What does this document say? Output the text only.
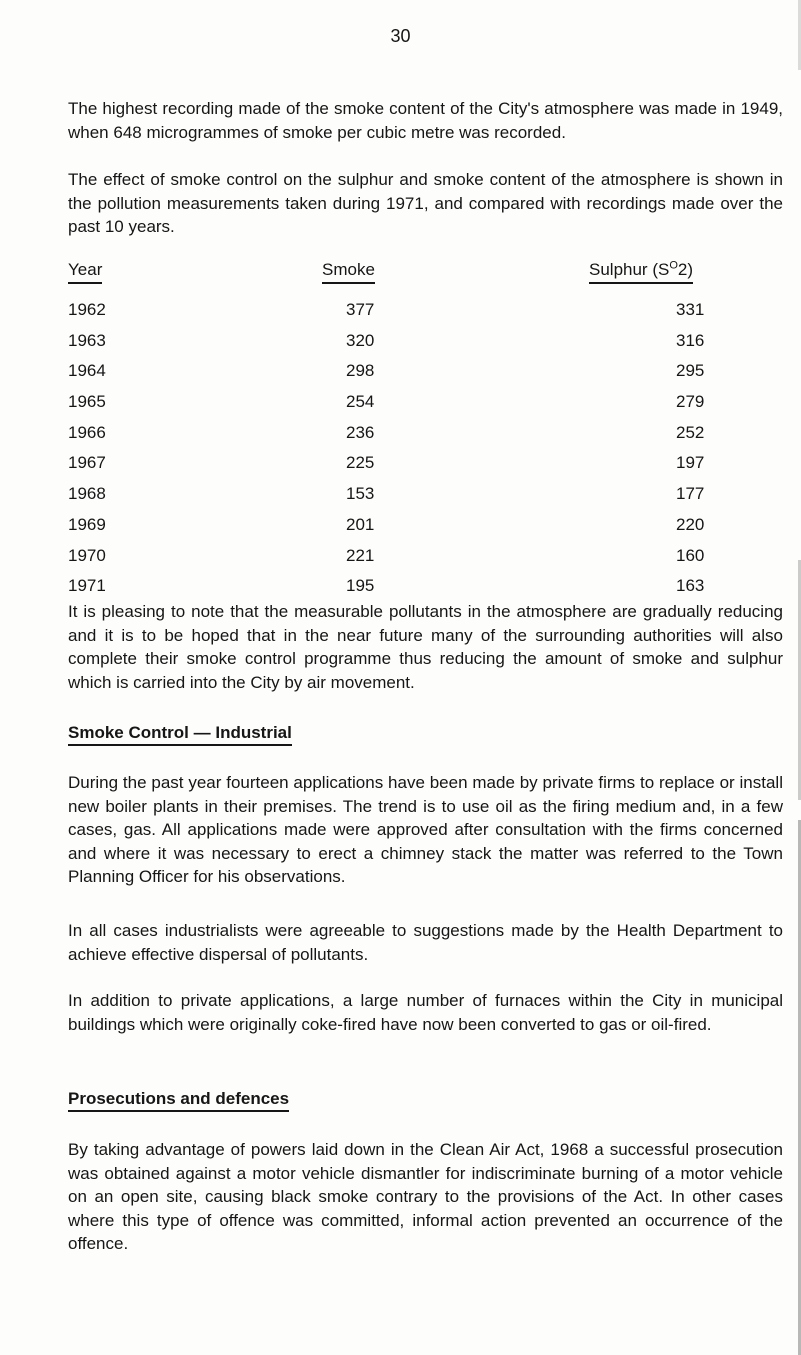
30

The highest recording made of the smoke content of the City's atmosphere was made in 1949, when 648 microgrammes of smoke per cubic metre was recorded.

The effect of smoke control on the sulphur and smoke content of the atmosphere is shown in the pollution measurements taken during 1971, and compared with recordings made over the past 10 years.

Year	Smoke	Sulphur $(S^O2)$
1962	377	331
1963	320	316
1964	298	295
1965	254	279
1966	236	252
1967	225	197
1968	153	177
1969	201	220
1970	221	160
1971	195	163

It is pleasing to note that the measurable pollutants in the atmosphere are gradually reducing and it is to be hoped that in the near future many of the surrounding authorities will also complete their smoke control programme thus reducing the amount of smoke and sulphur which is carried into the City by air movement.

Smoke Control — Industrial

During the past year fourteen applications have been made by private firms to replace or install new boiler plants in their premises. The trend is to use oil as the firing medium and, in a few cases, gas. All applications made were approved after consultation with the firms concerned and where it was necessary to erect a chimney stack the matter was referred to the Town Planning Officer for his observations.

In all cases industrialists were agreeable to suggestions made by the Health Department to achieve effective dispersal of pollutants.

In addition to private applications, a large number of furnaces within the City in municipal buildings which were originally coke-fired have now been converted to gas or oil-fired.

Prosecutions and defences

By taking advantage of powers laid down in the Clean Air Act, 1968 a successful prosecution was obtained against a motor vehicle dismantler for indiscriminate burning of a motor vehicle on an open site, causing black smoke contrary to the provisions of the Act. In other cases where this type of offence was committed, informal action prevented an occurrence of the offence.
